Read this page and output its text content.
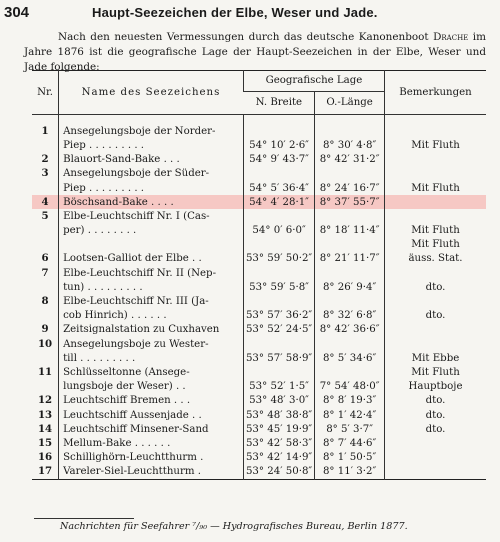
304	Haupt-Seezeichen der Elbe, Weser und Jade.
Nach den neuesten Vermessungen durch das deutsche Kanonenboot Drache im Jahre 1876 ist die geografische Lage der Haupt-Seezeichen in der Elbe, Weser und Jade folgende:
Nr.	Name des Seezeichens	Geografische Lage		Bemerkungen
		N. Breite	O.-Länge	

1	Ansegelungsboje der Norder-			
	Piep . . . . . . . . .	54° 10′ 2·6″	8° 30′ 4·8″	Mit Fluth
2	Blauort-Sand-Bake . . .	54° 9′ 43·7″	8° 42′ 31·2″	
3	Ansegelungsboje der Süder-			
	Piep . . . . . . . . .	54° 5′ 36·4″	8° 24′ 16·7″	Mit Fluth
4	Böschsand-Bake . . . .	54° 4′ 28·1″	8° 37′ 55·7″	
5	Elbe-Leuchtschiff Nr. I (Cas-			
	per) . . . . . . . .	54° 0′ 6·0″	8° 18′ 11·4″	Mit Fluth
				Mit Fluth
6	Lootsen-Galliot der Elbe . .	53° 59′ 50·2″	8° 21′ 11·7″	äuss. Stat.
7	Elbe-Leuchtschiff Nr. II (Nep-			
	tun) . . . . . . . . .	53° 59′ 5·8″	8° 26′ 9·4″	dto.
8	Elbe-Leuchtschiff Nr. III (Ja-			
	cob Hinrich) . . . . . .	53° 57′ 36·2″	8° 32′ 6·8″	dto.
9	Zeitsignalstation zu Cuxhaven	53° 52′ 24·5″	8° 42′ 36·6″	
10	Ansegelungsboje zu Wester-			
	till . . . . . . . . .	53° 57′ 58·9″	8° 5′ 34·6″	Mit Ebbe
11	Schlüsseltonne (Ansege-			Mit Fluth
	lungsboje der Weser) . .	53° 52′ 1·5″	7° 54′ 48·0″	Hauptboje
12	Leuchtschiff Bremen . . .	53° 48′ 3·0″	8° 8′ 19·3″	dto.
13	Leuchtschiff Aussenjade . .	53° 48′ 38·8″	8° 1′ 42·4″	dto.
14	Leuchtschiff Minsener-Sand	53° 45′ 19·9″	8° 5′ 3·7″	dto.
15	Mellum-Bake . . . . . .	53° 42′ 58·3″	8° 7′ 44·6″	
16	Schillighörn-Leuchtthurm .	53° 42′ 14·9″	8° 1′ 50·5″	
17	Vareler-Siel-Leuchtthurm .	53° 24′ 50·8″	8° 11′ 3·2″	
Nachrichten für Seefahrer ⁷/₉₀ — Hydrografisches Bureau, Berlin 1877.
